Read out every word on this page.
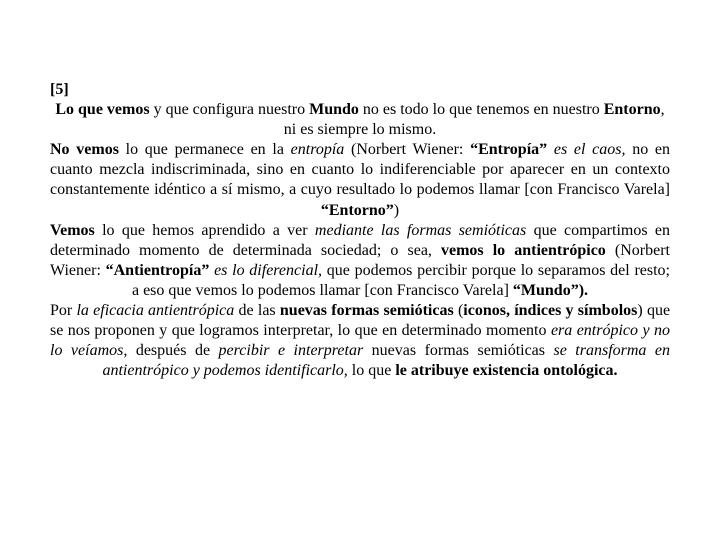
[5]

Lo que vemos y que configura nuestro Mundo no es todo lo que tenemos en nuestro Entorno, ni es siempre lo mismo.

No vemos lo que permanece en la entropía (Norbert Wiener: “Entropía” es el caos, no en cuanto mezcla indiscriminada, sino en cuanto lo indiferenciable por aparecer en un contexto constantemente idéntico a sí mismo, a cuyo resultado lo podemos llamar [con Francisco Varela] “Entorno”)

Vemos lo que hemos aprendido a ver mediante las formas semióticas que compartimos en determinado momento de determinada sociedad; o sea, vemos lo antientrópico (Norbert Wiener: “Antientropía” es lo diferencial, que podemos percibir porque lo separamos del resto; a eso que vemos lo podemos llamar [con Francisco Varela] “Mundo”).

Por la eficacia antientrópica de las nuevas formas semióticas (iconos, índices y símbolos) que se nos proponen y que logramos interpretar, lo que en determinado momento era entrópico y no lo veíamos, después de percibir e interpretar nuevas formas semióticas se transforma en antientrópico y podemos identificarlo, lo que le atribuye existencia ontológica.
